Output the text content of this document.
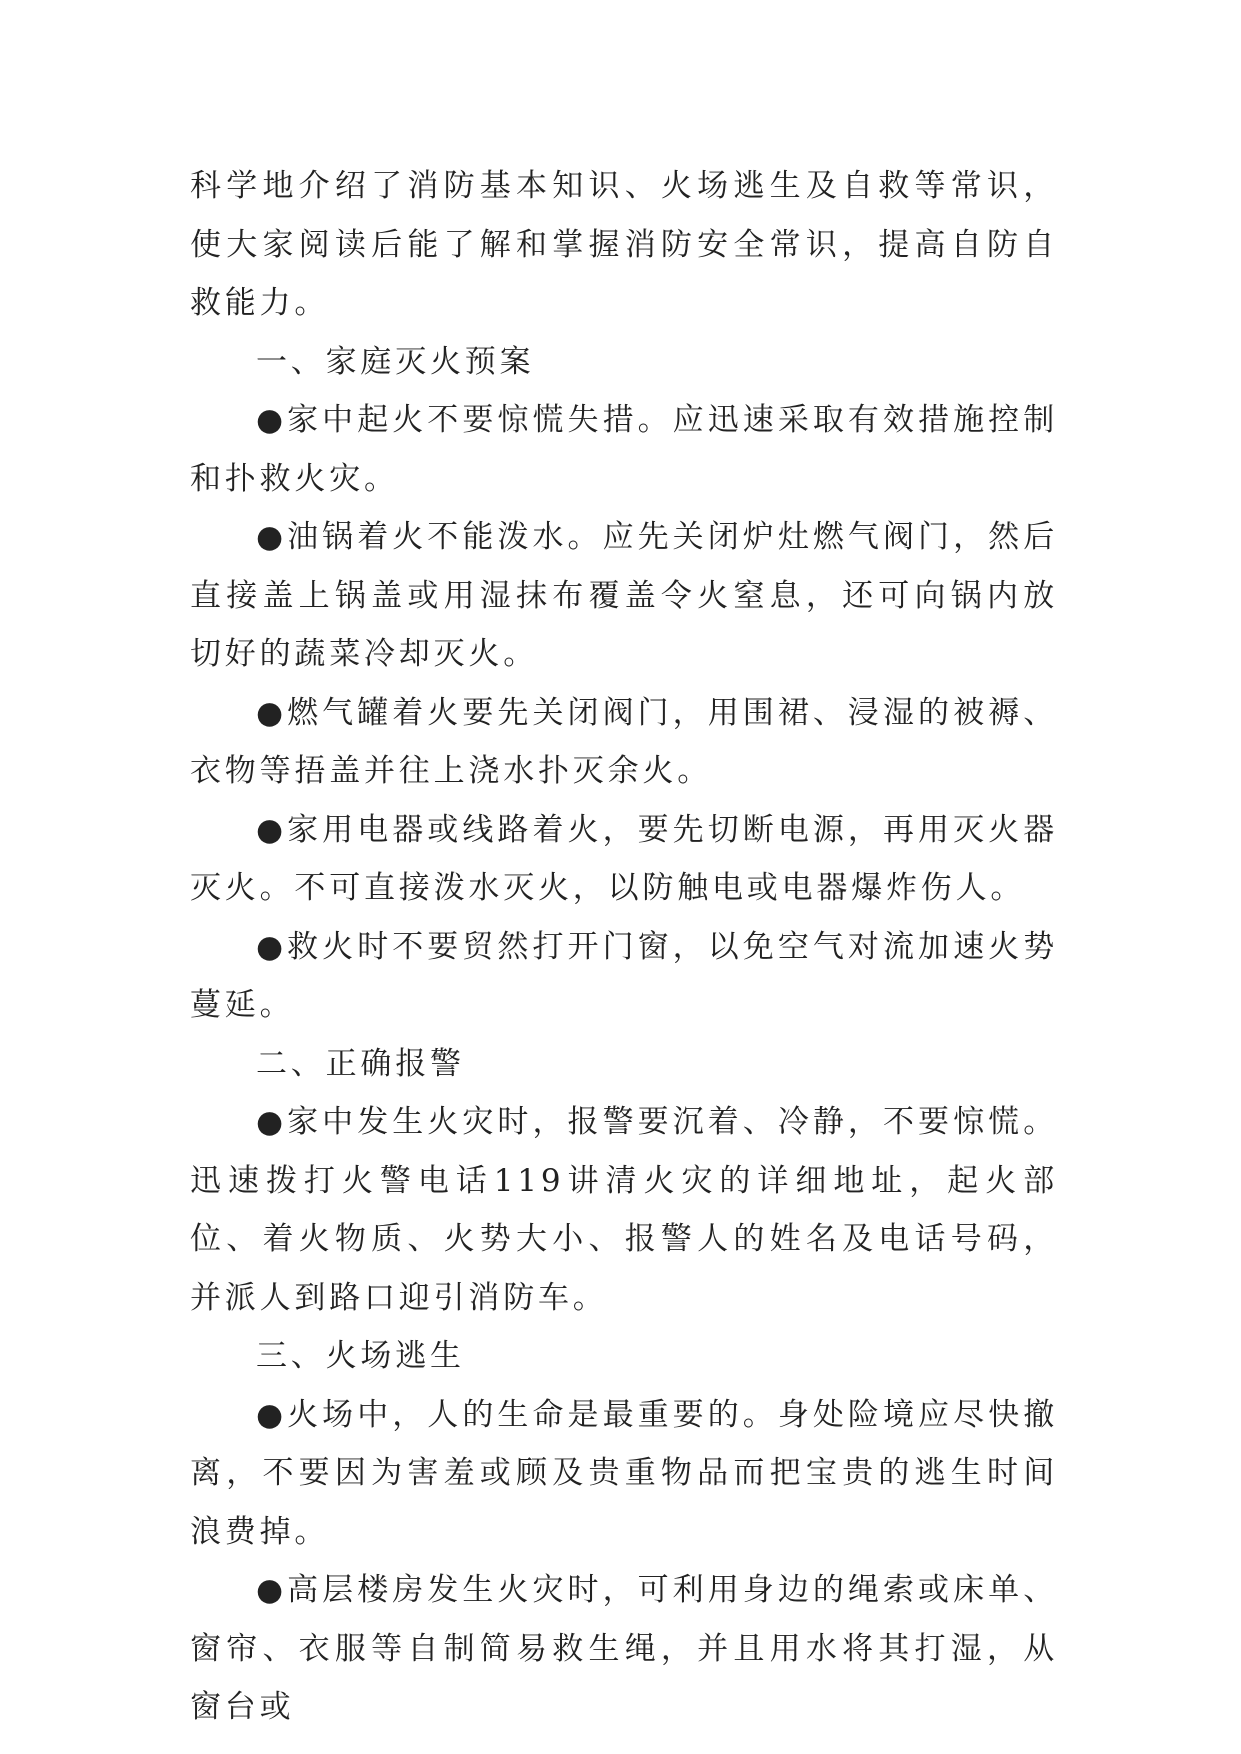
科学地介绍了消防基本知识、火场逃生及自救等常识，使大家阅读后能了解和掌握消防安全常识，提高自防自救能力。

一、家庭灭火预案

●家中起火不要惊慌失措。应迅速采取有效措施控制和扑救火灾。

●油锅着火不能泼水。应先关闭炉灶燃气阀门，然后直接盖上锅盖或用湿抹布覆盖令火窒息，还可向锅内放切好的蔬菜冷却灭火。

●燃气罐着火要先关闭阀门，用围裙、浸湿的被褥、衣物等捂盖并往上浇水扑灭余火。

●家用电器或线路着火，要先切断电源，再用灭火器灭火。不可直接泼水灭火，以防触电或电器爆炸伤人。

●救火时不要贸然打开门窗，以免空气对流加速火势蔓延。

二、正确报警

●家中发生火灾时，报警要沉着、冷静，不要惊慌。迅速拨打火警电话119讲清火灾的详细地址，起火部位、着火物质、火势大小、报警人的姓名及电话号码，并派人到路口迎引消防车。

三、火场逃生

●火场中，人的生命是最重要的。身处险境应尽快撤离，不要因为害羞或顾及贵重物品而把宝贵的逃生时间浪费掉。

●高层楼房发生火灾时，可利用身边的绳索或床单、窗帘、衣服等自制简易救生绳，并且用水将其打湿，从窗台或
